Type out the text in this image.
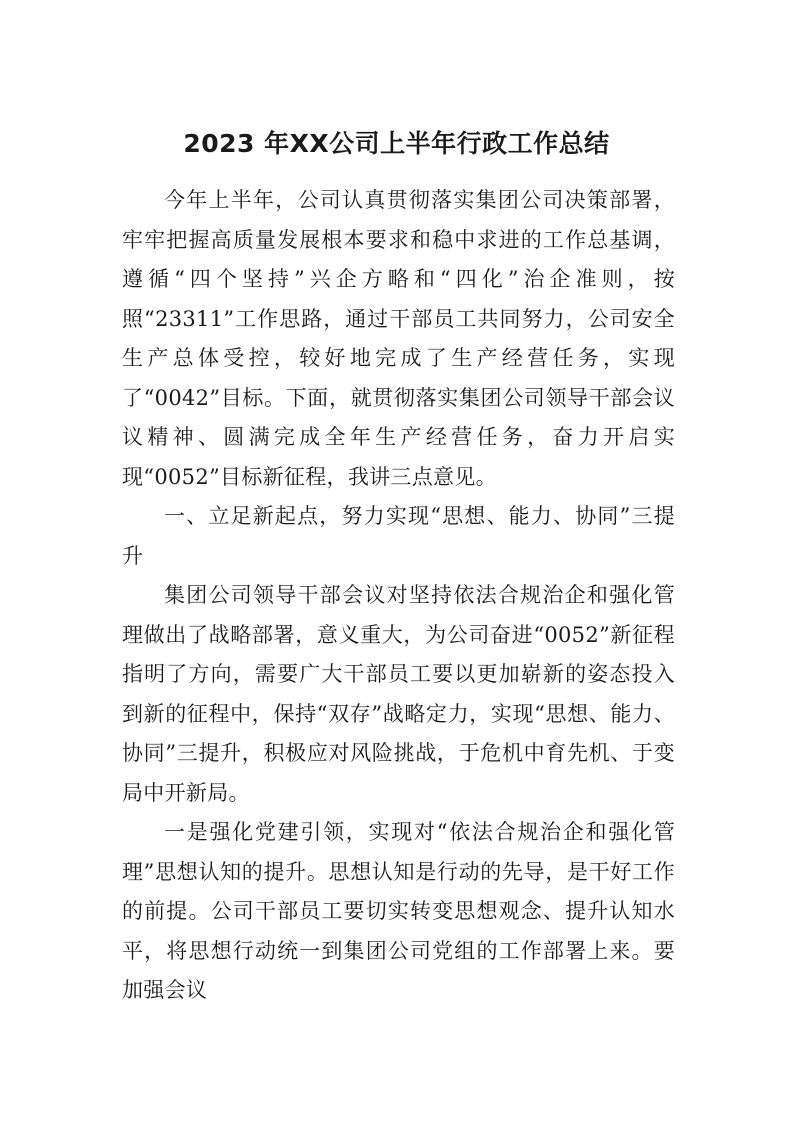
2023 年XX公司上半年行政工作总结

今年上半年，公司认真贯彻落实集团公司决策部署，牢牢把握高质量发展根本要求和稳中求进的工作总基调，遵循“四个坚持”兴企方略和“四化”治企准则，按照“23311”工作思路，通过干部员工共同努力，公司安全生产总体受控，较好地完成了生产经营任务，实现了“0042”目标。下面，就贯彻落实集团公司领导干部会议议精神、圆满完成全年生产经营任务，奋力开启实现“0052”目标新征程，我讲三点意见。

一、立足新起点，努力实现“思想、能力、协同”三提升

集团公司领导干部会议对坚持依法合规治企和强化管理做出了战略部署，意义重大，为公司奋进“0052”新征程指明了方向，需要广大干部员工要以更加崭新的姿态投入到新的征程中，保持“双存”战略定力，实现“思想、能力、协同”三提升，积极应对风险挑战，于危机中育先机、于变局中开新局。

一是强化党建引领，实现对“依法合规治企和强化管理”思想认知的提升。思想认知是行动的先导，是干好工作的前提。公司干部员工要切实转变思想观念、提升认知水平，将思想行动统一到集团公司党组的工作部署上来。要加强会议
